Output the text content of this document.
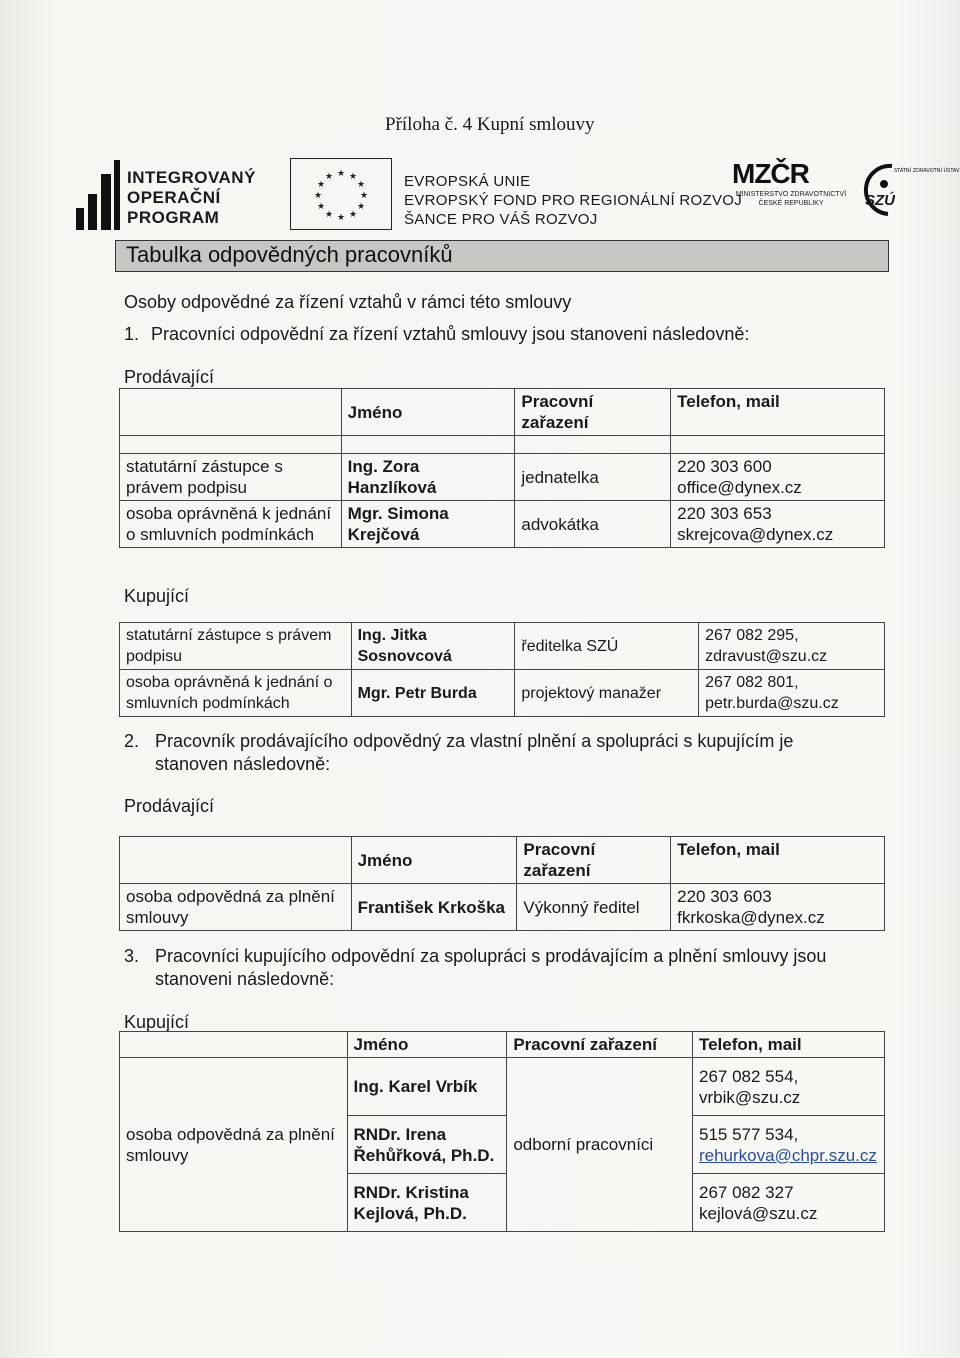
Příloha č. 4 Kupní smlouvy
INTEGROVANÝ
OPERAČNÍ
PROGRAM
★ ★
★
★
★
★
★
★
★
★
★
★	EVROPSKÁ UNIE
EVROPSKÝ FOND PRO REGIONÁLNÍ ROZVOJ
ŠANCE PRO VÁŠ ROZVOJ
MZČR
MINISTERSTVO ZDRAVOTNICTVÍ
ČESKÉ REPUBLIKY
STÁTNÍ ZDRAVOTNÍ ÚSTAV
SZÚ
Tabulka odpovědných pracovníků
Osoby odpovědné za řízení vztahů v rámci této smlouvy
1. Pracovníci odpovědní za řízení vztahů smlouvy jsou stanoveni následovně:
Prodávající
	Jméno	Pracovní zařazení	Telefon, mail

statutární zástupce s právem podpisu	Ing. Zora Hanzlíková	jednatelka	220 303 600
office@dynex.cz

osoba oprávněná k jednání o smluvních podmínkách	Mgr. Simona Krejčová	advokátka	220 303 653
skrejcova@dynex.cz
Kupující
statutární zástupce s právem podpisu	Ing. Jitka Sosnovcová	ředitelka SZÚ	267 082 295,
zdravust@szu.cz

osoba oprávněná k jednání o smluvních podmínkách	Mgr. Petr Burda	projektový manažer	267 082 801,
petr.burda@szu.cz
2. Pracovník prodávajícího odpovědný za vlastní plnění a spolupráci s kupujícím je
stanoven následovně:
Prodávající
	Jméno	Pracovní zařazení	Telefon, mail
osoba odpovědná za plnění smlouvy	František Krkoška	Výkonný ředitel	220 303 603
fkrkoska@dynex.cz
3. Pracovníci kupujícího odpovědní za spolupráci s prodávajícím a plnění smlouvy jsou
stanoveni následovně:
Kupující
	Jméno	Pracovní zařazení	Telefon, mail
osoba odpovědná za plnění smlouvy	Ing. Karel Vrbík	odborní pracovníci	267 082 554,
vrbik@szu.cz

	RNDr. Irena Řehůřková, Ph.D.		515 577 534,
rehurkova@chpr.szu.cz

	RNDr. Kristina Kejlová, Ph.D.		267 082 327
kejlová@szu.cz
